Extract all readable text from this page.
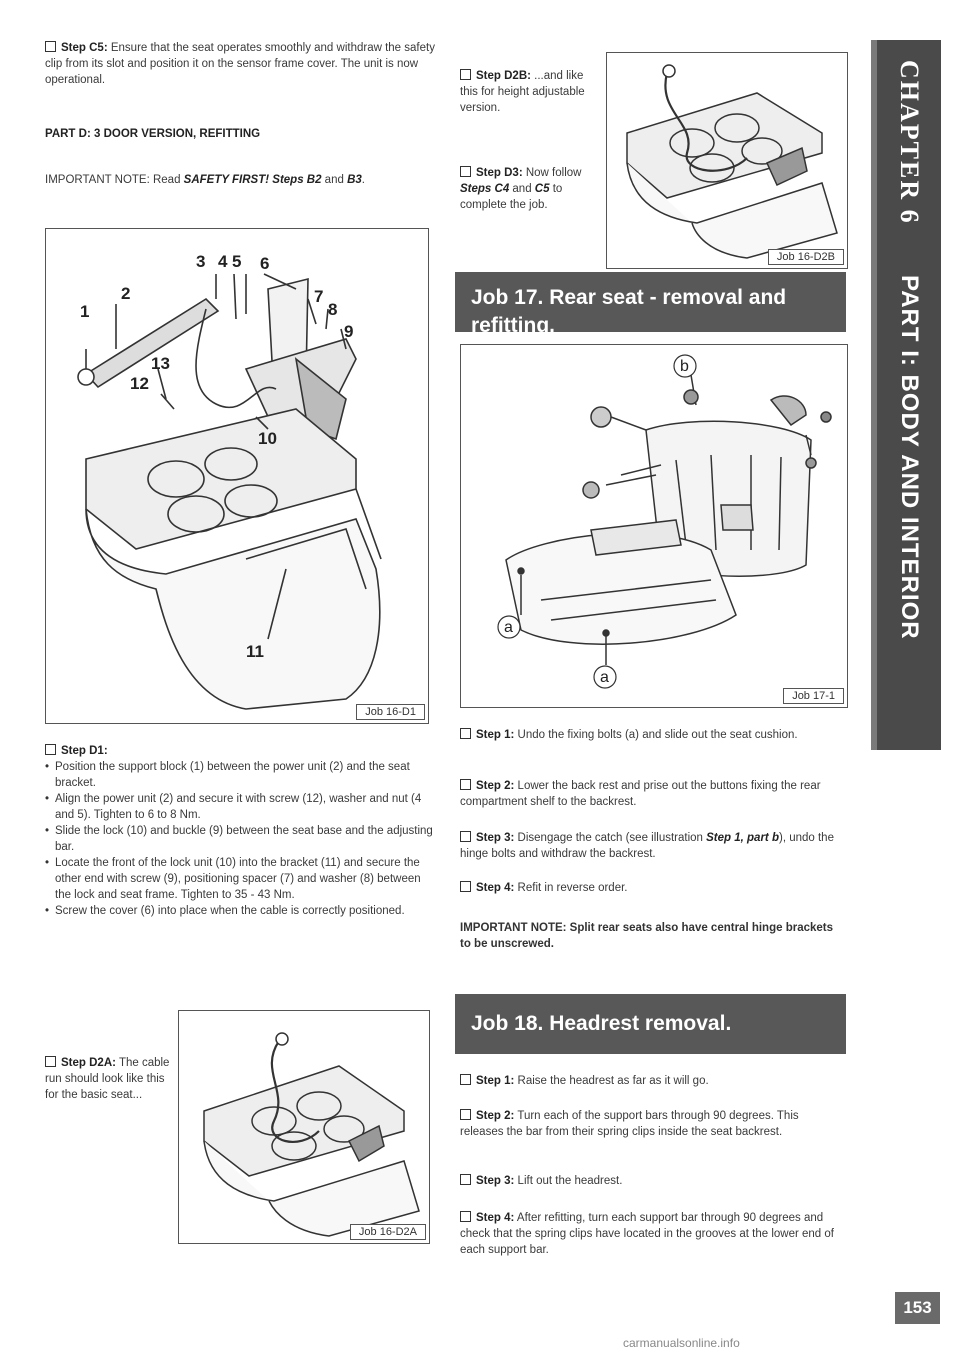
Step C5: Ensure that the seat operates smoothly and withdraw the safety clip from its slot and position it on the sensor frame cover. The unit is now operational.
PART D: 3 DOOR VERSION, REFITTING
IMPORTANT NOTE: Read SAFETY FIRST! Steps B2 and B3.
3 4 5 6
2
1
7
8
9
13
12
10
11
Job 16-D1
Step D1:
• Position the support block (1) between the power unit (2) and the seat bracket.
• Align the power unit (2) and secure it with screw (12), washer and nut (4 and 5). Tighten to 6 to 8 Nm.
• Slide the lock (10) and buckle (9) between the seat base and the adjusting bar.
• Locate the front of the lock unit (10) into the bracket (11) and secure the other end with screw (9), positioning spacer (7) and washer (8) between the lock and seat frame. Tighten to 35 - 43 Nm.
• Screw the cover (6) into place when the cable is correctly positioned.
Step D2A: The cable run should look like this for the basic seat...
Job 16-D2A
Step D2B: ...and like this for height adjustable version.
Step D3: Now follow Steps C4 and C5 to complete the job.
Job 16-D2B
Job 17. Rear seat - removal and refitting.
b
a
a
Job 17-1
Step 1: Undo the fixing bolts (a) and slide out the seat cushion.
Step 2: Lower the back rest and prise out the buttons fixing the rear compartment shelf to the backrest.
Step 3: Disengage the catch (see illustration Step 1, part b), undo the hinge bolts and withdraw the backrest.
Step 4: Refit in reverse order.
IMPORTANT NOTE: Split rear seats also have central hinge brackets to be unscrewed.
Job 18. Headrest removal.
Step 1: Raise the headrest as far as it will go.
Step 2: Turn each of the support bars through 90 degrees. This releases the bar from their spring clips inside the seat backrest.
Step 3: Lift out the headrest.
Step 4: After refitting, turn each support bar through 90 degrees and check that the spring clips have located in the grooves at the lower end of each support bar.
CHAPTER 6
PART I: BODY AND INTERIOR
153
carmanualsonline.info
